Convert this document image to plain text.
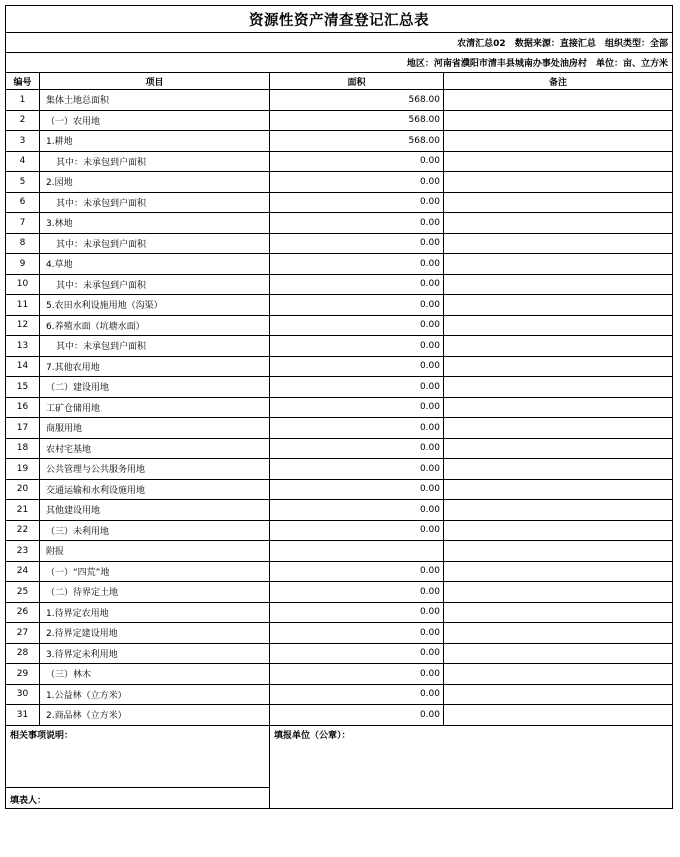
资源性资产清查登记汇总表			
农清汇总02 数据来源：直接汇总 组织类型：全部			
地区：河南省濮阳市清丰县城南办事处油房村 单位：亩、立方米			
编号	项目	面积	备注
1	集体土地总面积	568.00	
2	（一）农用地	568.00	
3	1.耕地	568.00	
4	其中：未承包到户面积	0.00	
5	2.园地	0.00	
6	其中：未承包到户面积	0.00	
7	3.林地	0.00	
8	其中：未承包到户面积	0.00	
9	4.草地	0.00	
10	其中：未承包到户面积	0.00	
11	5.农田水利设施用地（沟渠）	0.00	
12	6.养殖水面（坑塘水面）	0.00	
13	其中：未承包到户面积	0.00	
14	7.其他农用地	0.00	
15	（二）建设用地	0.00	
16	工矿仓储用地	0.00	
17	商服用地	0.00	
18	农村宅基地	0.00	
19	公共管理与公共服务用地	0.00	
20	交通运输和水利设施用地	0.00	
21	其他建设用地	0.00	
22	（三）未利用地	0.00	
23	附报		
24	（一）“四荒”地	0.00	
25	（二）待界定土地	0.00	
26	1.待界定农用地	0.00	
27	2.待界定建设用地	0.00	
28	3.待界定未利用地	0.00	
29	（三）林木	0.00	
30	1.公益林（立方米）	0.00	
31	2.商品林（立方米）	0.00	
相关事项说明：		填报单位（公章）：	
填表人：			
